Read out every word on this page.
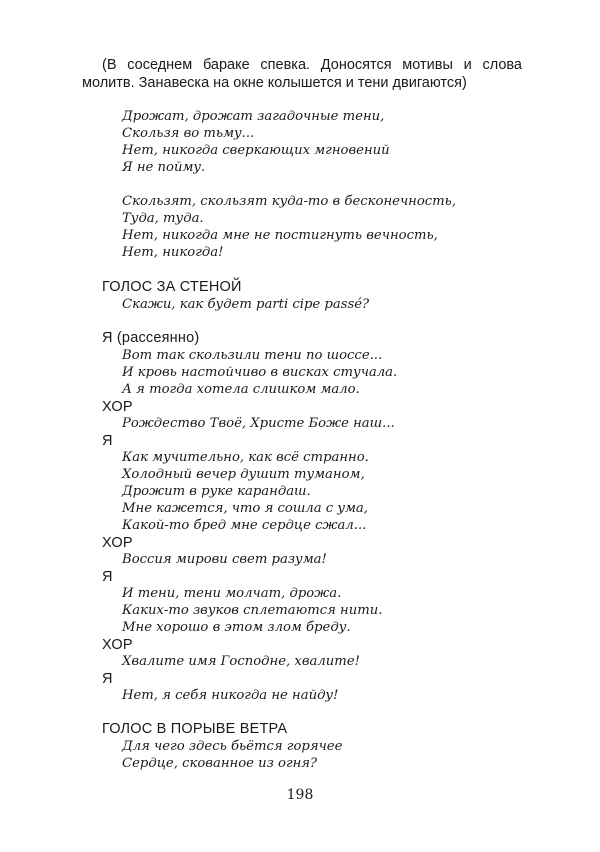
(В соседнем бараке спевка. Доносятся мотивы и слова
молитв. Занавеска на окне колышется и тени двигаются)

Дрожат, дрожат загадочные тени,
Скользя во тьму...
Нет, никогда сверкающих мгновений
Я не пойму.
Скользят, скользят куда-то в бесконечность,
Туда, туда.
Нет, никогда мне не постигнуть вечность,
Нет, никогда!
ГОЛОС ЗА СТЕНОЙ
Скажи, как будет parti cipe passé?
Я (рассеянно)
Вот так скользили тени по шоссе...
И кровь настойчиво в висках стучала.
А я тогда хотела слишком мало.
ХОР
Рождество Твоё, Христе Боже наш...
Я
Как мучительно, как всё странно.
Холодный вечер душит туманом,
Дрожит в руке карандаш.
Мне кажется, что я сошла с ума,
Какой-то бред мне сердце сжал...
ХОР
Воссия мирови свет разума!
Я
И тени, тени молчат, дрожа.
Каких-то звуков сплетаются нити.
Мне хорошо в этом злом бреду.
ХОР
Хвалите имя Господне, хвалите!
Я
Нет, я себя никогда не найду!
ГОЛОС В ПОРЫВЕ ВЕТРА
Для чего здесь бьётся горячее
Сердце, скованное из огня?
198
